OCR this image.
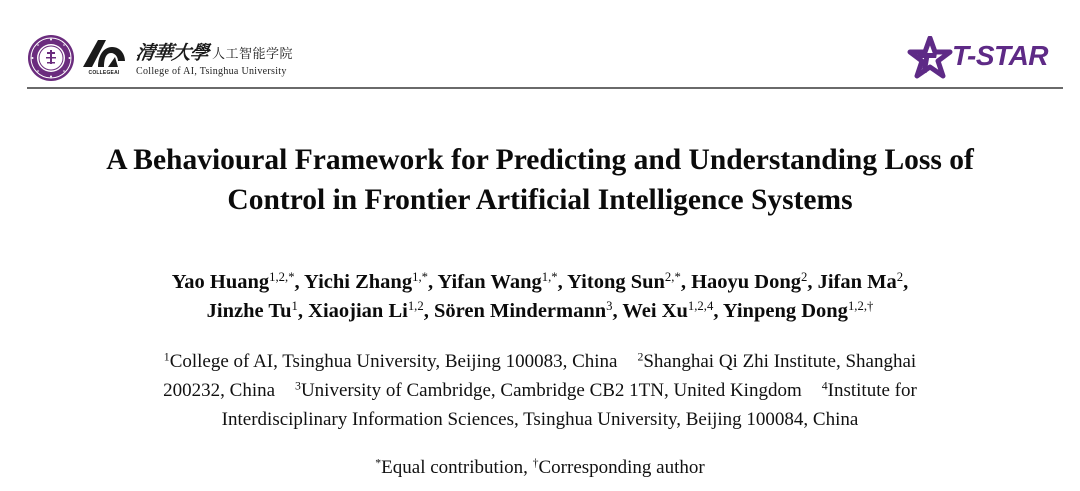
COLLEGEAI
清華大學 人工智能学院
College of AI, Tsinghua University
T-STAR
A Behavioural Framework for Predicting and Understanding Loss of
Control in Frontier Artificial Intelligence Systems
Yao Huang$^{1,2,*}$, Yichi Zhang$^{1,*}$, Yifan Wang$^{1,*}$, Yitong Sun$^{2,*}$, Haoyu Dong$^2$, Jifan Ma$^2$,
Jinzhe Tu$^1$, Xiaojian Li$^{1,2}$, Sören Mindermann$^3$, Wei Xu$^{1,2,4}$, Yinpeng Dong$^{1,2,\dagger}$
$^1$College of AI, Tsinghua University, Beijing 100083, China $^2$Shanghai Qi Zhi Institute, Shanghai
200232, China $^3$University of Cambridge, Cambridge CB2 1TN, United Kingdom $^4$Institute for
Interdisciplinary Information Sciences, Tsinghua University, Beijing 100084, China
*Equal contribution, †Corresponding author
